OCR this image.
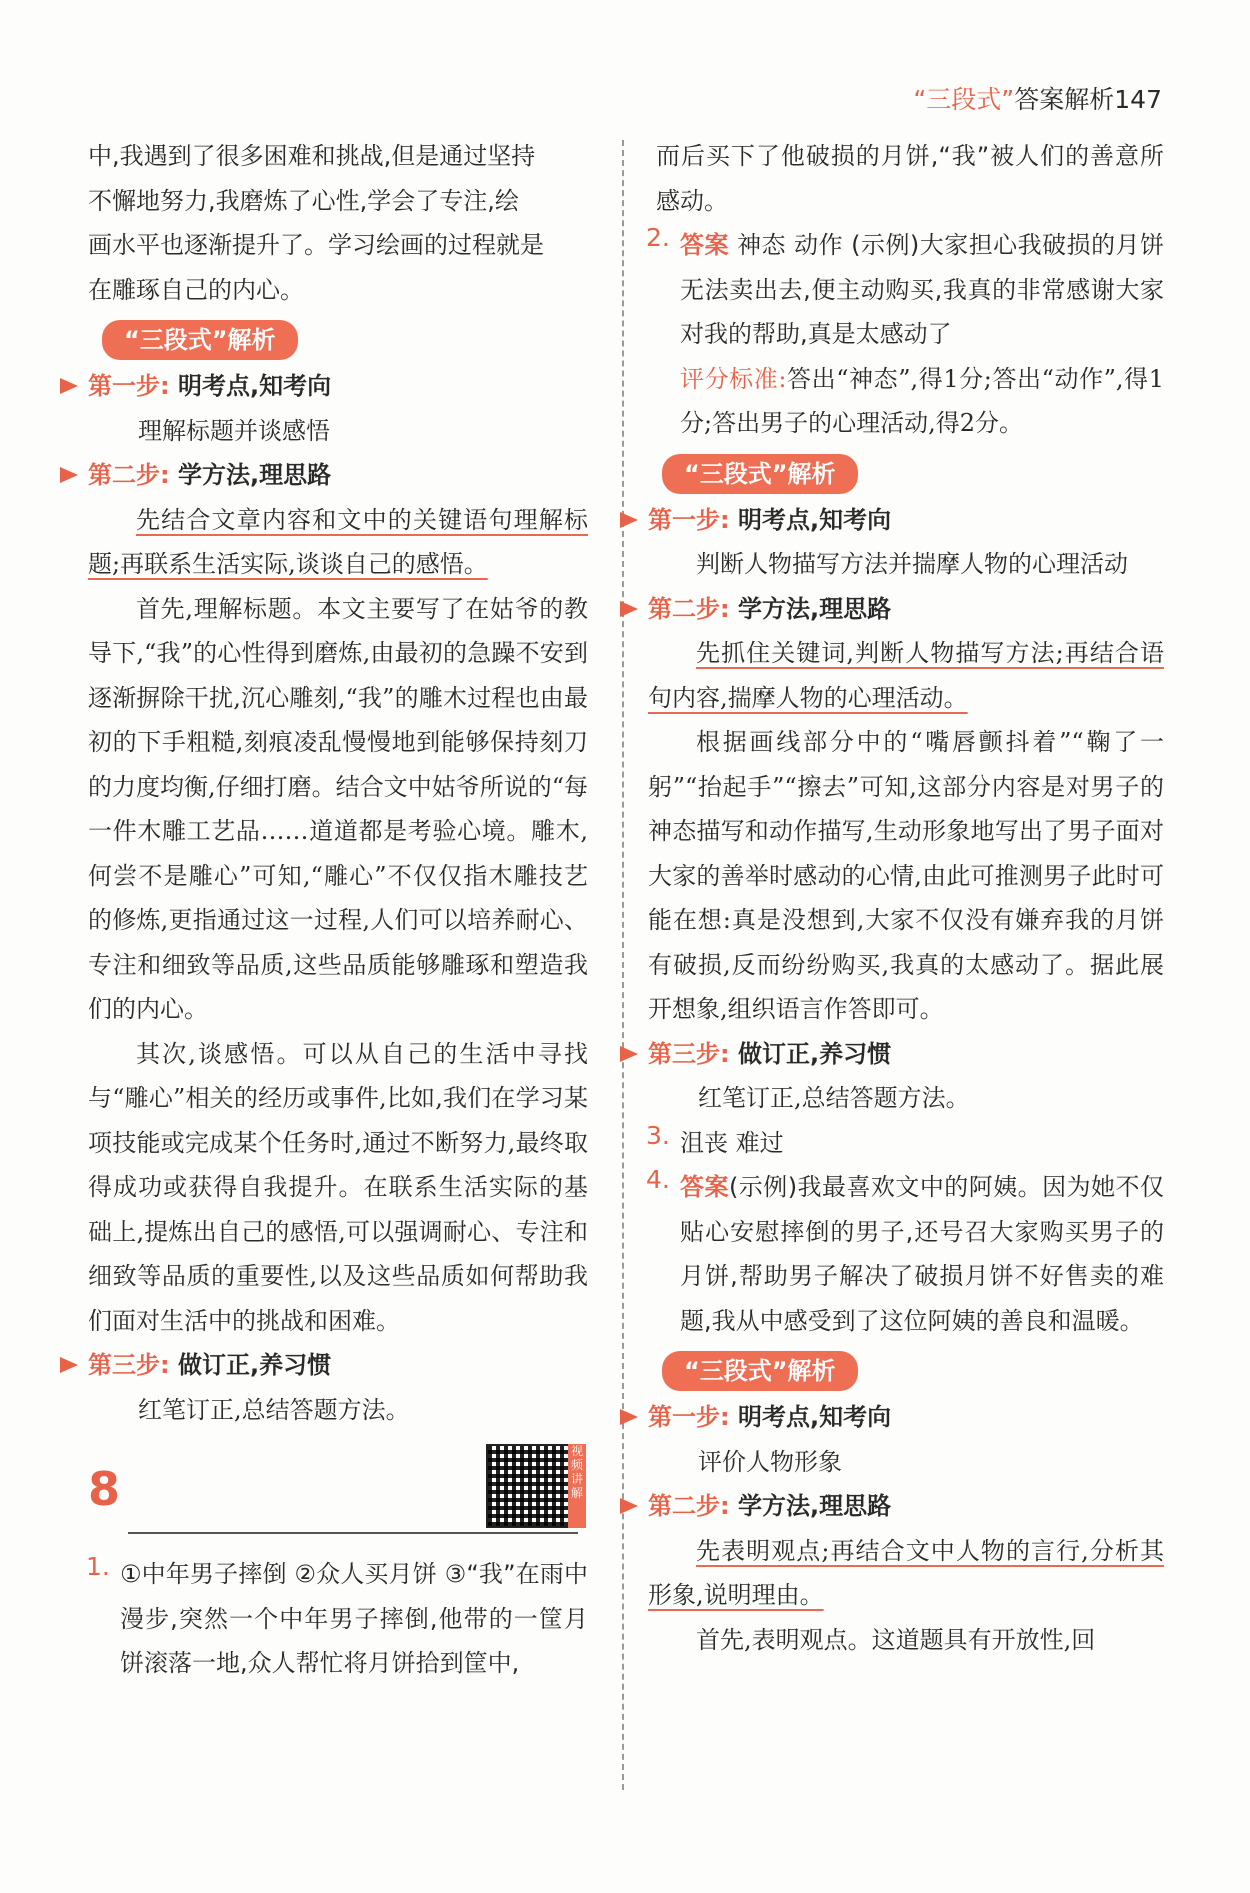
“三段式”答案解析147

中,我遇到了很多困难和挑战,但是通过坚持

不懈地努力,我磨炼了心性,学会了专注,绘

画水平也逐渐提升了。学习绘画的过程就是

在雕琢自己的内心。

“三段式”解析
第一步: 明考点,知考向

理解标题并谈感悟

第二步: 学方法,理思路

先结合文章内容和文中的关键语句理解标题;再联系生活实际,谈谈自己的感悟。

首先,理解标题。本文主要写了在姑爷的教导下,“我”的心性得到磨炼,由最初的急躁不安到逐渐摒除干扰,沉心雕刻,“我”的雕木过程也由最初的下手粗糙,刻痕凌乱慢慢地到能够保持刻刀的力度均衡,仔细打磨。结合文中姑爷所说的“每一件木雕工艺品……道道都是考验心境。雕木,何尝不是雕心”可知,“雕心”不仅仅指木雕技艺的修炼,更指通过这一过程,人们可以培养耐心、专注和细致等品质,这些品质能够雕琢和塑造我们的内心。

其次,谈感悟。可以从自己的生活中寻找与“雕心”相关的经历或事件,比如,我们在学习某项技能或完成某个任务时,通过不断努力,最终取得成功或获得自我提升。在联系生活实际的基础上,提炼出自己的感悟,可以强调耐心、专注和细致等品质的重要性,以及这些品质如何帮助我们面对生活中的挑战和困难。

第三步: 做订正,养习惯

红笔订正,总结答题方法。

8
视频讲解
1. ①中年男子摔倒 ②众人买月饼 ③“我”在雨中漫步,突然一个中年男子摔倒,他带的一筐月饼滚落一地,众人帮忙将月饼拾到筐中,

而后买下了他破损的月饼,“我”被人们的善意所感动。

2. 答案 神态 动作 (示例)大家担心我破损的月饼无法卖出去,便主动购买,我真的非常感谢大家对我的帮助,真是太感动了

评分标准:答出“神态”,得1分;答出“动作”,得1分;答出男子的心理活动,得2分。

“三段式”解析
第一步: 明考点,知考向

判断人物描写方法并揣摩人物的心理活动

第二步: 学方法,理思路

先抓住关键词,判断人物描写方法;再结合语句内容,揣摩人物的心理活动。

根据画线部分中的“嘴唇颤抖着”“鞠了一躬”“抬起手”“擦去”可知,这部分内容是对男子的神态描写和动作描写,生动形象地写出了男子面对大家的善举时感动的心情,由此可推测男子此时可能在想:真是没想到,大家不仅没有嫌弃我的月饼有破损,反而纷纷购买,我真的太感动了。据此展开想象,组织语言作答即可。

第三步: 做订正,养习惯

红笔订正,总结答题方法。

3. 沮丧 难过

4. 答案(示例)我最喜欢文中的阿姨。因为她不仅贴心安慰摔倒的男子,还号召大家购买男子的月饼,帮助男子解决了破损月饼不好售卖的难题,我从中感受到了这位阿姨的善良和温暖。

“三段式”解析
第一步: 明考点,知考向

评价人物形象

第二步: 学方法,理思路

先表明观点;再结合文中人物的言行,分析其形象,说明理由。

首先,表明观点。这道题具有开放性,回
